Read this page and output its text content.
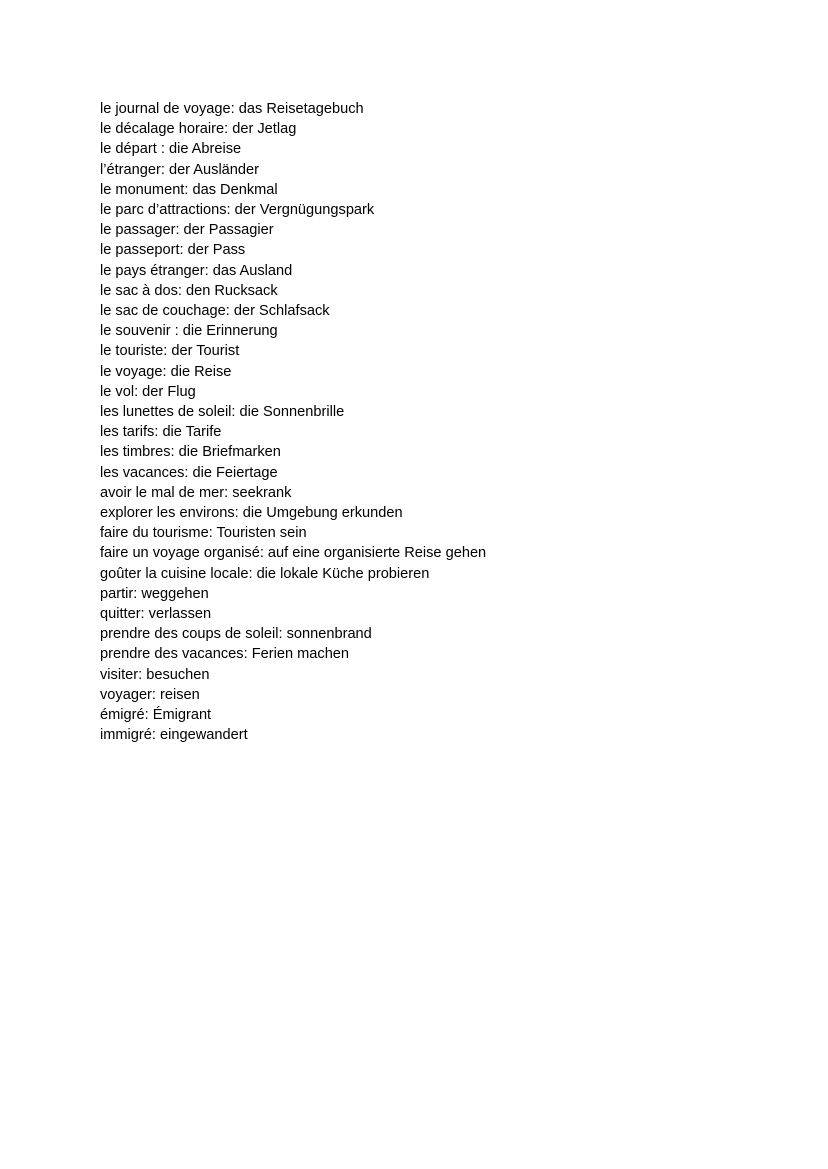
le journal de voyage: das Reisetagebuch
le décalage horaire: der Jetlag
le départ : die Abreise
l’étranger: der Ausländer
le monument: das Denkmal
le parc d’attractions: der Vergnügungspark
le passager: der Passagier
le passeport: der Pass
le pays étranger: das Ausland
le sac à dos: den Rucksack
le sac de couchage: der Schlafsack
le souvenir : die Erinnerung
le touriste: der Tourist
le voyage: die Reise
le vol: der Flug
les lunettes de soleil: die Sonnenbrille
les tarifs: die Tarife
les timbres: die Briefmarken
les vacances: die Feiertage
avoir le mal de mer: seekrank
explorer les environs: die Umgebung erkunden
faire du tourisme: Touristen sein
faire un voyage organisé: auf eine organisierte Reise gehen
goûter la cuisine locale: die lokale Küche probieren
partir: weggehen
quitter: verlassen
prendre des coups de soleil: sonnenbrand
prendre des vacances: Ferien machen
visiter: besuchen
voyager: reisen
émigré: Émigrant
immigré: eingewandert
